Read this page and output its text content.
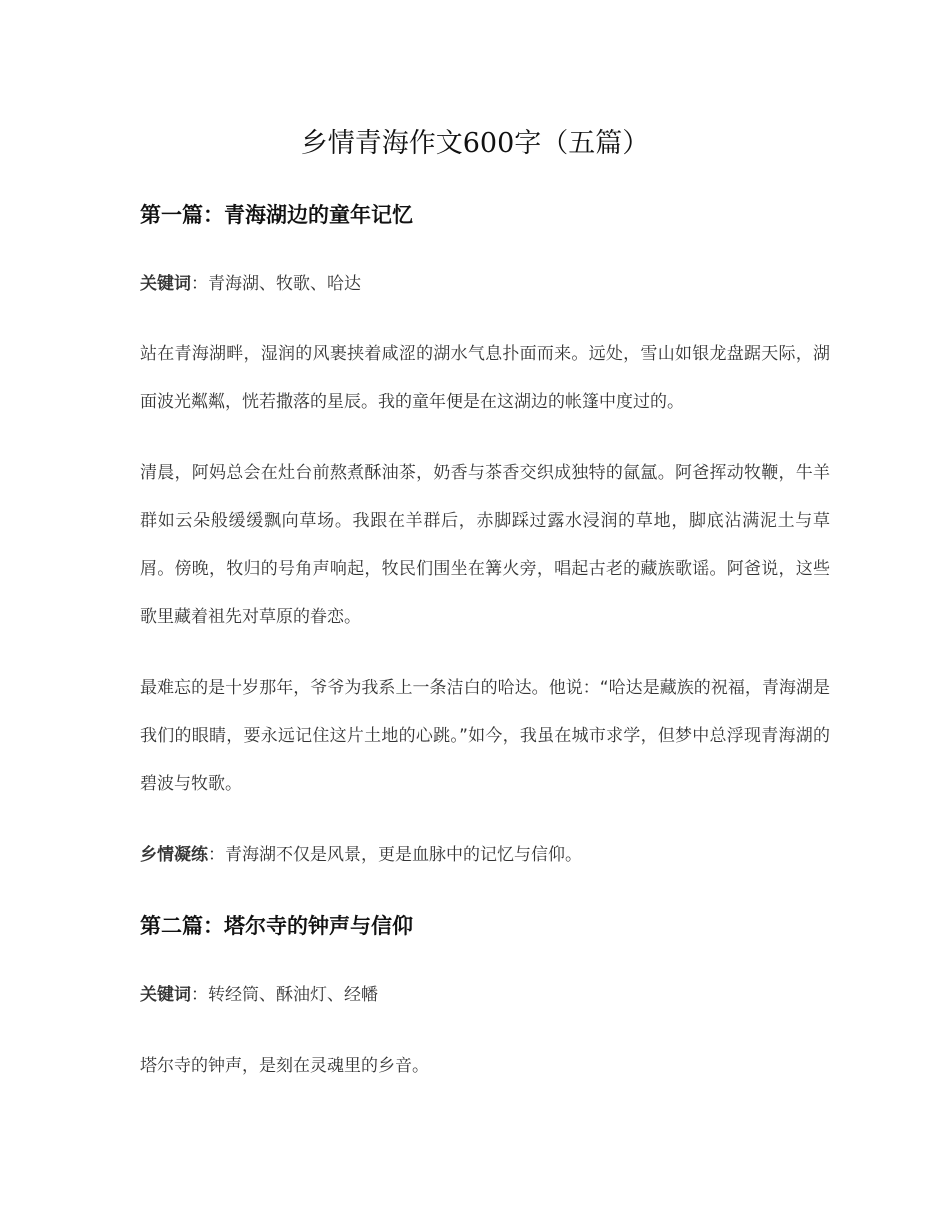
乡情青海作文600字（五篇）
第一篇：青海湖边的童年记忆

关键词：青海湖、牧歌、哈达

站在青海湖畔，湿润的风裹挟着咸涩的湖水气息扑面而来。远处，雪山如银龙盘踞天际，湖面波光粼粼，恍若撒落的星辰。我的童年便是在这湖边的帐篷中度过的。

清晨，阿妈总会在灶台前熬煮酥油茶，奶香与茶香交织成独特的氤氲。阿爸挥动牧鞭，牛羊群如云朵般缓缓飘向草场。我跟在羊群后，赤脚踩过露水浸润的草地，脚底沾满泥土与草屑。傍晚，牧归的号角声响起，牧民们围坐在篝火旁，唱起古老的藏族歌谣。阿爸说，这些歌里藏着祖先对草原的眷恋。

最难忘的是十岁那年，爷爷为我系上一条洁白的哈达。他说：“哈达是藏族的祝福，青海湖是我们的眼睛，要永远记住这片土地的心跳。”如今，我虽在城市求学，但梦中总浮现青海湖的碧波与牧歌。

乡情凝练：青海湖不仅是风景，更是血脉中的记忆与信仰。

第二篇：塔尔寺的钟声与信仰

关键词：转经筒、酥油灯、经幡

塔尔寺的钟声，是刻在灵魂里的乡音。
